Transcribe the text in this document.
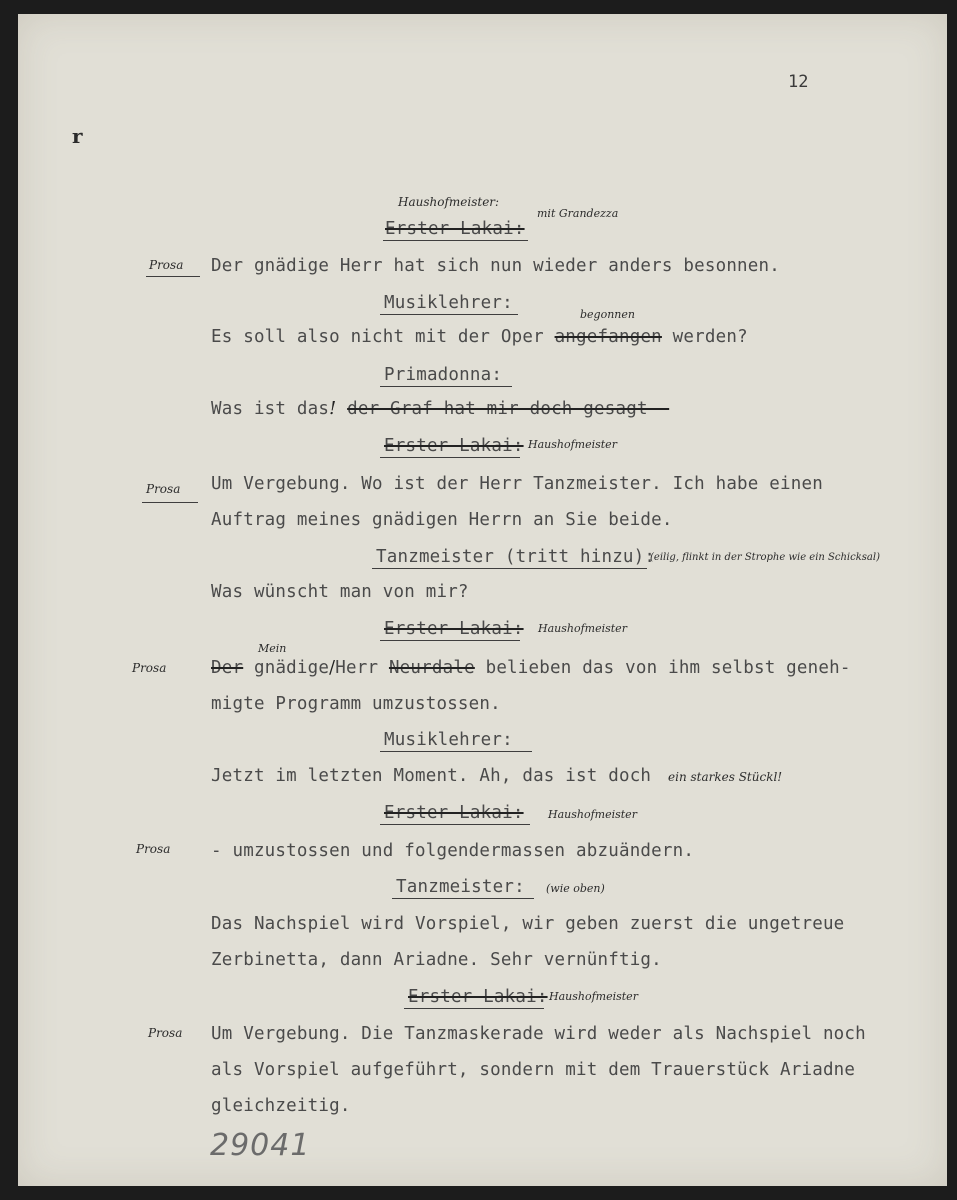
12
r
Haushofmeister:
Erster Lakai:
mit Grandezza
Prosa Der gnädige Herr hat sich nun wieder anders besonnen.
Musiklehrer:
begonnen
Es soll also nicht mit der Oper angefangen werden?
Primadonna:
Was ist das! der Graf hat mir doch gesagt -
Erster Lakai: Haushofmeister
Prosa Um Vergebung. Wo ist der Herr Tanzmeister. Ich habe einen
Auftrag meines gnädigen Herrn an Sie beide.
Tanzmeister (tritt hinzu):
(eilig, flinkt in der Strophe wie ein Schicksal)
Was wünscht man von mir?
Erster Lakai: Haushofmeister
Prosa
Mein
Der gnädige/Herr Neurdale belieben das von ihm selbst geneh-
migte Programm umzustossen.
Musiklehrer:
Jetzt im letzten Moment. Ah, das ist doch ein starkes Stückl!
Erster Lakai: Haushofmeister
Prosa - umzustossen und folgendermassen abzuändern.
Tanzmeister: (wie oben)
Das Nachspiel wird Vorspiel, wir geben zuerst die ungetreue
Zerbinetta, dann Ariadne. Sehr vernünftig.
Erster Lakai: Haushofmeister
Prosa Um Vergebung. Die Tanzmaskerade wird weder als Nachspiel noch
als Vorspiel aufgeführt, sondern mit dem Trauerstück Ariadne
gleichzeitig.
29041
